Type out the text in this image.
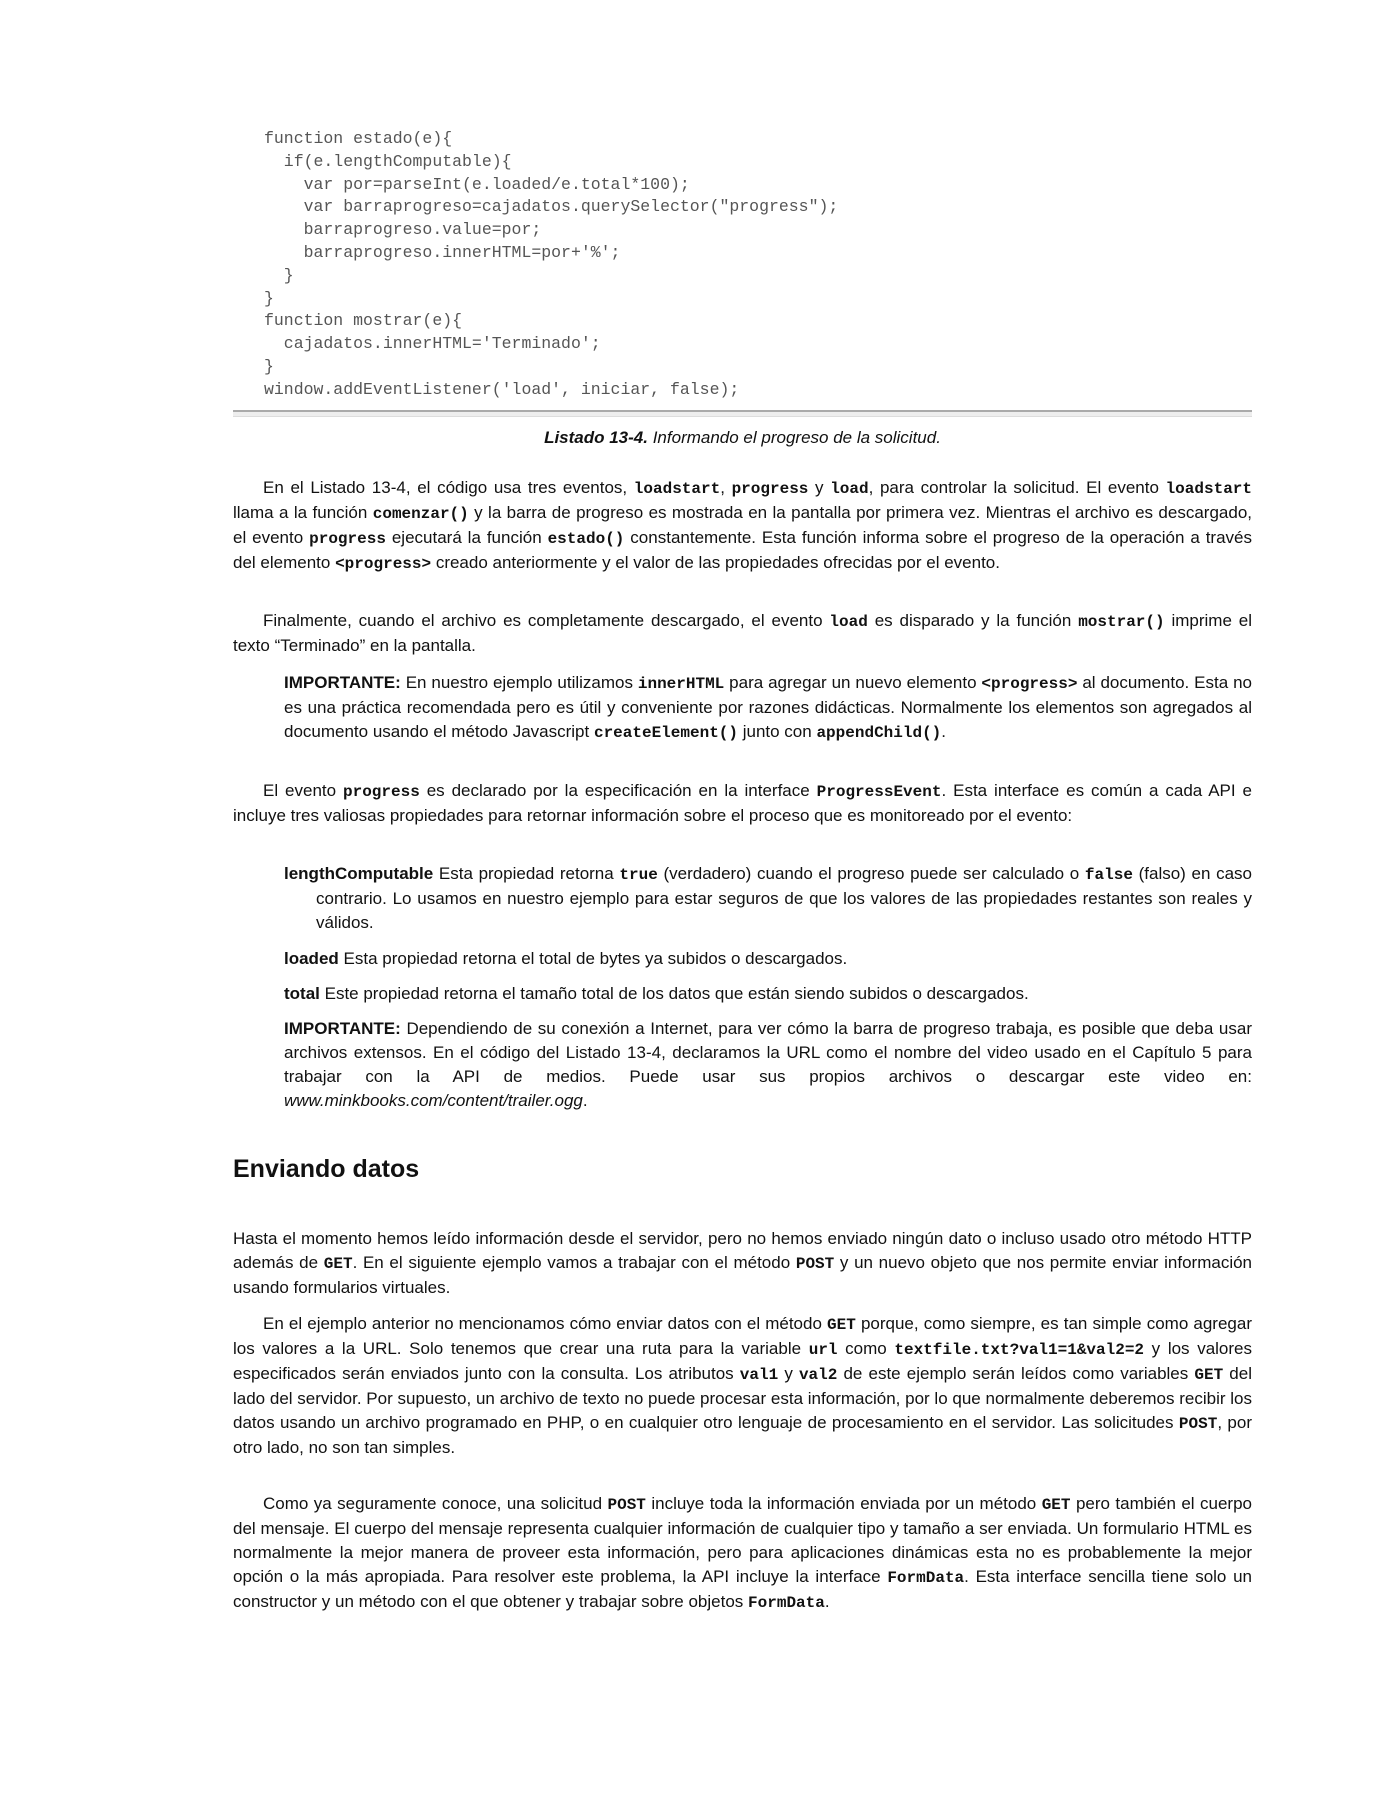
function estado(e){
if(e.lengthComputable){
var por=parseInt(e.loaded/e.total*100);
var barraprogreso=cajadatos.querySelector("progress");
barraprogreso.value=por;
barraprogreso.innerHTML=por+'%';
}
}
function mostrar(e){
cajadatos.innerHTML='Terminado';
}
window.addEventListener('load', iniciar, false);
Listado 13-4. Informando el progreso de la solicitud.
En el Listado 13-4, el código usa tres eventos, loadstart, progress y load, para controlar la solicitud. El evento loadstart llama a la función comenzar() y la barra de progreso es mostrada en la pantalla por primera vez. Mientras el archivo es descargado, el evento progress ejecutará la función estado() constantemente. Esta función informa sobre el progreso de la operación a través del elemento <progress> creado anteriormente y el valor de las propiedades ofrecidas por el evento.
Finalmente, cuando el archivo es completamente descargado, el evento load es disparado y la función mostrar() imprime el texto “Terminado” en la pantalla.
IMPORTANTE: En nuestro ejemplo utilizamos innerHTML para agregar un nuevo elemento <progress> al documento. Esta no es una práctica recomendada pero es útil y conveniente por razones didácticas. Normalmente los elementos son agregados al documento usando el método Javascript createElement() junto con appendChild().
El evento progress es declarado por la especificación en la interface ProgressEvent. Esta interface es común a cada API e incluye tres valiosas propiedades para retornar información sobre el proceso que es monitoreado por el evento:
lengthComputable Esta propiedad retorna true (verdadero) cuando el progreso puede ser calculado o false (falso) en caso contrario. Lo usamos en nuestro ejemplo para estar seguros de que los valores de las propiedades restantes son reales y válidos.
loaded Esta propiedad retorna el total de bytes ya subidos o descargados.
total Este propiedad retorna el tamaño total de los datos que están siendo subidos o descargados.
IMPORTANTE: Dependiendo de su conexión a Internet, para ver cómo la barra de progreso trabaja, es posible que deba usar archivos extensos. En el código del Listado 13-4, declaramos la URL como el nombre del video usado en el Capítulo 5 para trabajar con la API de medios. Puede usar sus propios archivos o descargar este video en: www.minkbooks.com/content/trailer.ogg.
Enviando datos
Hasta el momento hemos leído información desde el servidor, pero no hemos enviado ningún dato o incluso usado otro método HTTP además de GET. En el siguiente ejemplo vamos a trabajar con el método POST y un nuevo objeto que nos permite enviar información usando formularios virtuales.
En el ejemplo anterior no mencionamos cómo enviar datos con el método GET porque, como siempre, es tan simple como agregar los valores a la URL. Solo tenemos que crear una ruta para la variable url como textfile.txt?val1=1&val2=2 y los valores especificados serán enviados junto con la consulta. Los atributos val1 y val2 de este ejemplo serán leídos como variables GET del lado del servidor. Por supuesto, un archivo de texto no puede procesar esta información, por lo que normalmente deberemos recibir los datos usando un archivo programado en PHP, o en cualquier otro lenguaje de procesamiento en el servidor. Las solicitudes POST, por otro lado, no son tan simples.
Como ya seguramente conoce, una solicitud POST incluye toda la información enviada por un método GET pero también el cuerpo del mensaje. El cuerpo del mensaje representa cualquier información de cualquier tipo y tamaño a ser enviada. Un formulario HTML es normalmente la mejor manera de proveer esta información, pero para aplicaciones dinámicas esta no es probablemente la mejor opción o la más apropiada. Para resolver este problema, la API incluye la interface FormData. Esta interface sencilla tiene solo un constructor y un método con el que obtener y trabajar sobre objetos FormData.
